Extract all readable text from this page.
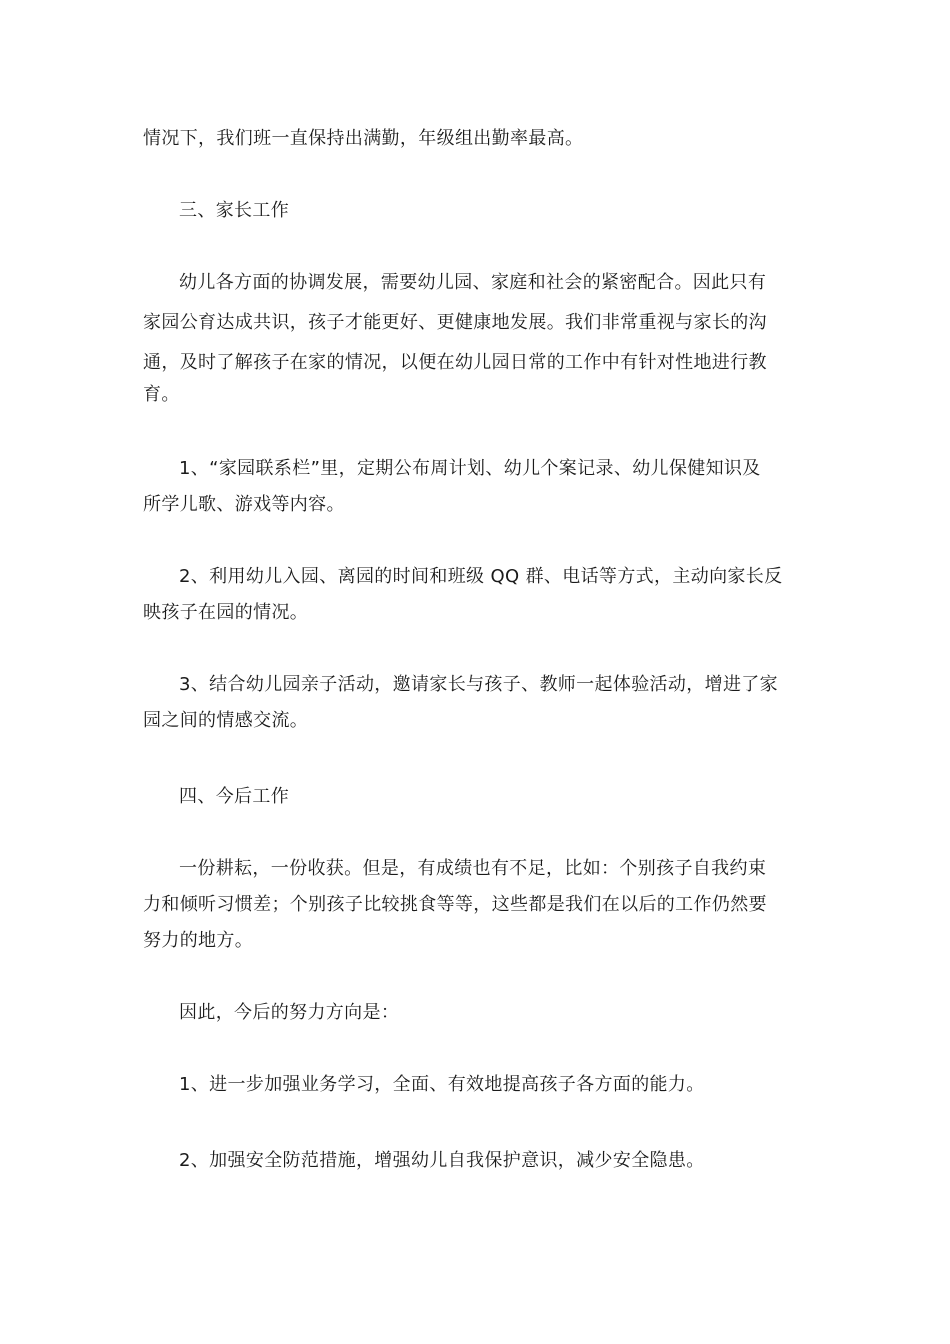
情况下，我们班一直保持出满勤，年级组出勤率最高。
三、家长工作
幼儿各方面的协调发展，需要幼儿园、家庭和社会的紧密配合。因此只有
家园公育达成共识，孩子才能更好、更健康地发展。我们非常重视与家长的沟
通，及时了解孩子在家的情况，以便在幼儿园日常的工作中有针对性地进行教
育。
1、“家园联系栏”里，定期公布周计划、幼儿个案记录、幼儿保健知识及
所学儿歌、游戏等内容。
2、利用幼儿入园、离园的时间和班级 QQ 群、电话等方式，主动向家长反
映孩子在园的情况。
3、结合幼儿园亲子活动，邀请家长与孩子、教师一起体验活动，增进了家
园之间的情感交流。
四、今后工作
一份耕耘，一份收获。但是，有成绩也有不足，比如：个别孩子自我约束
力和倾听习惯差；个别孩子比较挑食等等，这些都是我们在以后的工作仍然要
努力的地方。
因此，今后的努力方向是：
1、进一步加强业务学习，全面、有效地提高孩子各方面的能力。
2、加强安全防范措施，增强幼儿自我保护意识，减少安全隐患。
